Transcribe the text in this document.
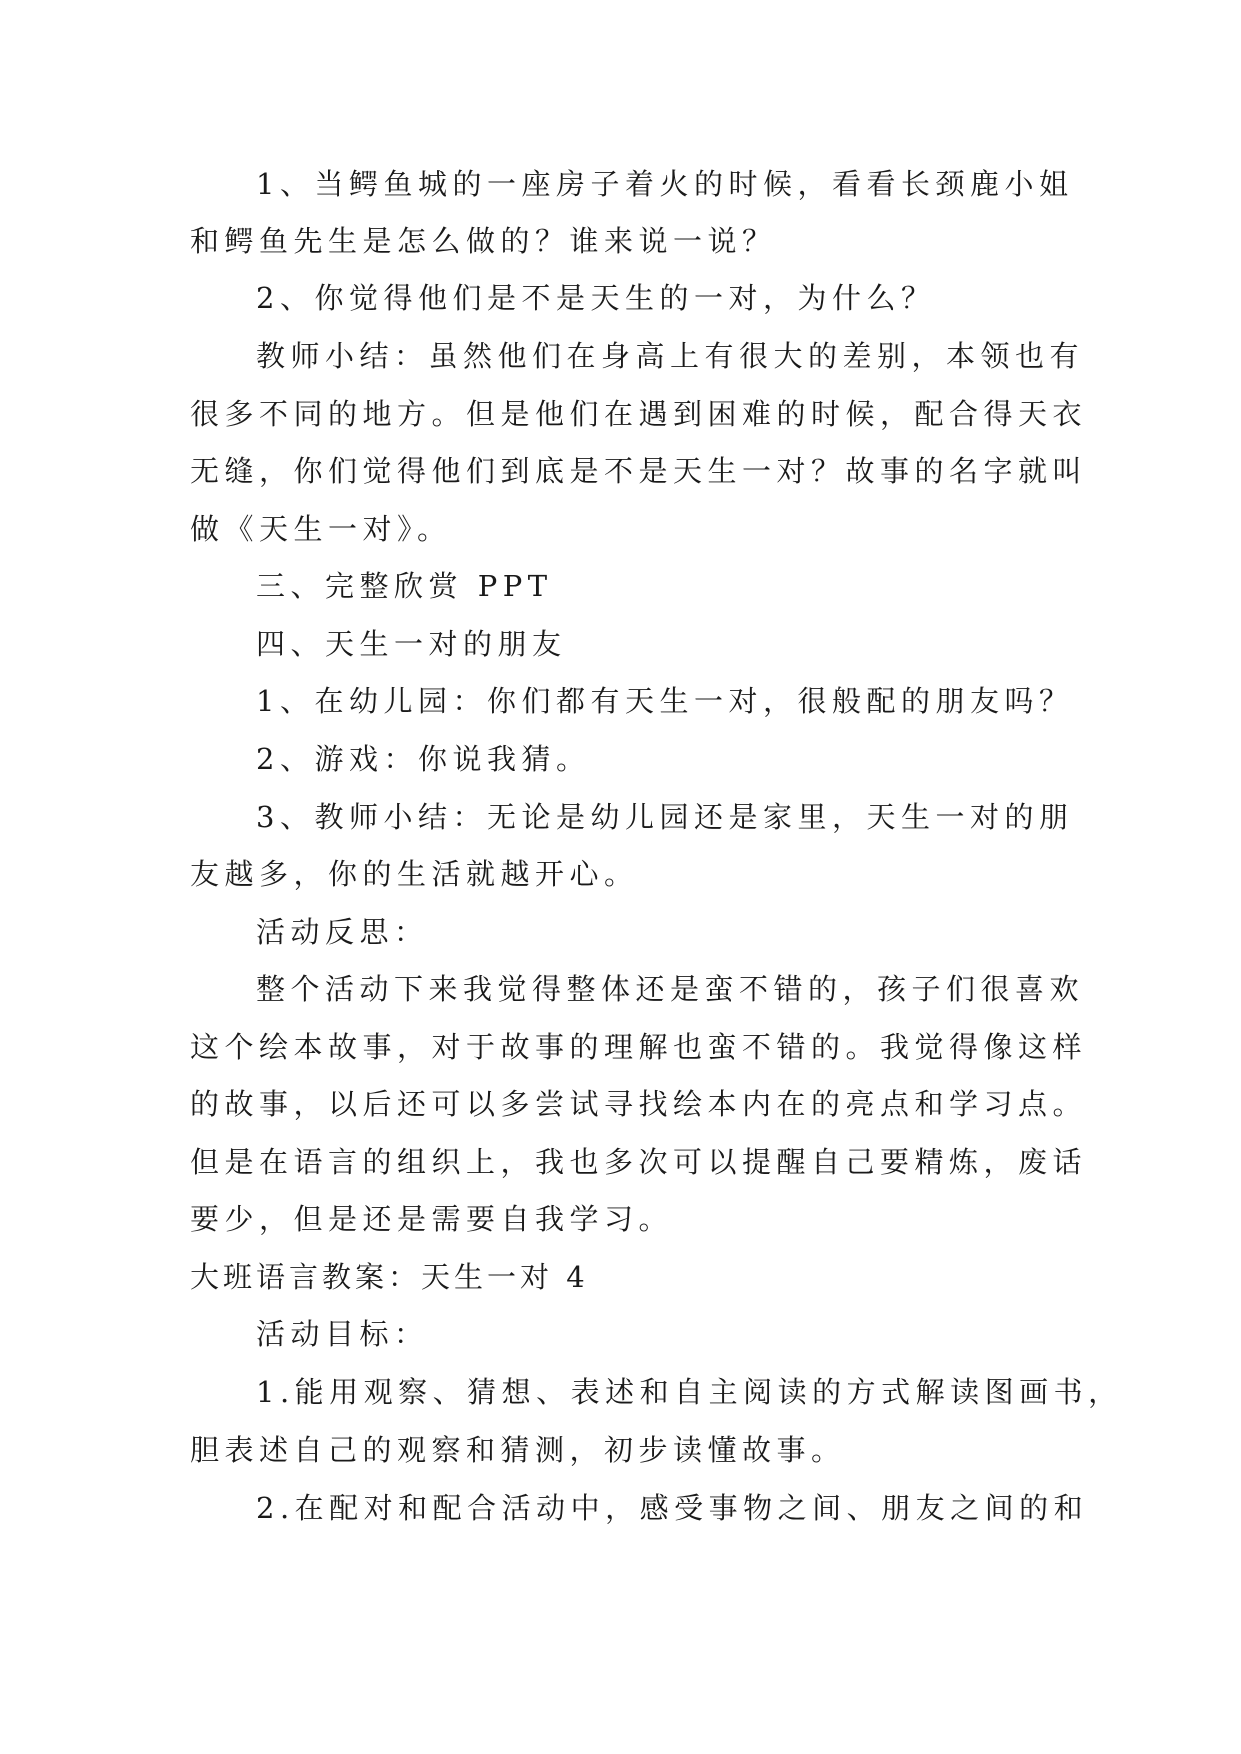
1、当鳄鱼城的一座房子着火的时候，看看长颈鹿小姐
和鳄鱼先生是怎么做的？谁来说一说？
2、你觉得他们是不是天生的一对，为什么？
教师小结：虽然他们在身高上有很大的差别，本领也有
很多不同的地方。但是他们在遇到困难的时候，配合得天衣
无缝，你们觉得他们到底是不是天生一对？故事的名字就叫
做《天生一对》。
三、完整欣赏 PPT
四、天生一对的朋友
1、在幼儿园：你们都有天生一对，很般配的朋友吗？
2、游戏：你说我猜。
3、教师小结：无论是幼儿园还是家里，天生一对的朋
友越多，你的生活就越开心。
活动反思：
整个活动下来我觉得整体还是蛮不错的，孩子们很喜欢
这个绘本故事，对于故事的理解也蛮不错的。我觉得像这样
的故事，以后还可以多尝试寻找绘本内在的亮点和学习点。
但是在语言的组织上，我也多次可以提醒自己要精炼，废话
要少，但是还是需要自我学习。
大班语言教案：天生一对 4
活动目标：
1.能用观察、猜想、表述和自主阅读的方式解读图画书，
胆表述自己的观察和猜测，初步读懂故事。
2.在配对和配合活动中，感受事物之间、朋友之间的和
